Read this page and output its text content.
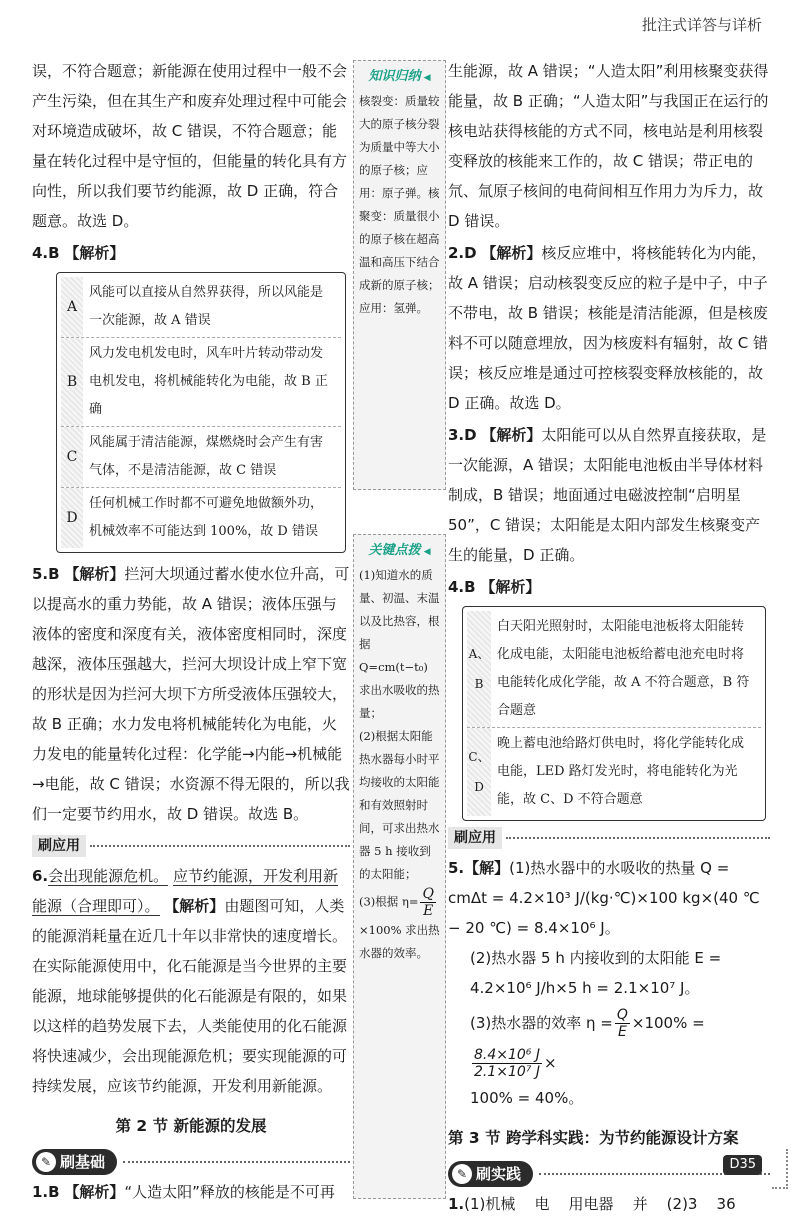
批注式详答与详析

误，不符合题意；新能源在使用过程中一般不会产生污染，但在其生产和废弃处理过程中可能会对环境造成破坏，故 C 错误，不符合题意；能量在转化过程中是守恒的，但能量的转化具有方向性，所以我们要节约能源，故 D 正确，符合题意。故选 D。

4.B 【解析】
A
风能可以直接从自然界获得，所以风能是一次能源，故 A 错误
B
风力发电机发电时，风车叶片转动带动发电机发电，将机械能转化为电能，故 B 正确
C
风能属于清洁能源，煤燃烧时会产生有害气体，不是清洁能源，故 C 错误
D
任何机械工作时都不可避免地做额外功，机械效率不可能达到 100%，故 D 错误
5.B 【解析】拦河大坝通过蓄水使水位升高，可以提高水的重力势能，故 A 错误；液体压强与液体的密度和深度有关，液体密度相同时，深度越深，液体压强越大，拦河大坝设计成上窄下宽的形状是因为拦河大坝下方所受液体压强较大，故 B 正确；水力发电将机械能转化为电能，火力发电的能量转化过程：化学能→内能→机械能→电能，故 C 错误；水资源不得无限的，所以我们一定要节约用水，故 D 错误。故选 B。
刷应用
6.会出现能源危机。 应节约能源，开发利用新能源（合理即可）。 【解析】由题图可知，人类的能源消耗量在近几十年以非常快的速度增长。在实际能源使用中，化石能源是当今世界的主要能源，地球能够提供的化石能源是有限的，如果以这样的趋势发展下去，人类能使用的化石能源将快速减少，会出现能源危机；要实现能源的可持续发展，应该节约能源，开发利用新能源。
第 2 节 新能源的发展
✎ 刷基础
1.B 【解析】“人造太阳”释放的核能是不可再
知识归纳 ◀
核裂变：质量较大的原子核分裂为质量中等大小的原子核；应用：原子弹。核聚变：质量很小的原子核在超高温和高压下结合成新的原子核；应用：氢弹。
关键点拨 ◀
(1)知道水的质量、初温、末温以及比热容，根据 Q=cm(t−t₀) 求出水吸收的热量；
(2)根据太阳能热水器每小时平均接收的太阳能和有效照射时间，可求出热水器 5 h 接收到的太阳能；
(3)根据 $\eta= \frac{Q}{E}$
×100% 求出热水器的效率。

生能源，故 A 错误；“人造太阳”利用核聚变获得能量，故 B 正确；“人造太阳”与我国正在运行的核电站获得核能的方式不同，核电站是利用核裂变释放的核能来工作的，故 C 错误；带正电的氘、氚原子核间的电荷间相互作用力为斥力，故 D 错误。

2.D 【解析】核反应堆中，将核能转化为内能，故 A 错误；启动核裂变反应的粒子是中子，中子不带电，故 B 错误；核能是清洁能源，但是核废料不可以随意埋放，因为核废料有辐射，故 C 错误；核反应堆是通过可控核裂变释放核能的，故 D 正确。故选 D。
3.D 【解析】太阳能可以从自然界直接获取，是一次能源，A 错误；太阳能电池板由半导体材料制成，B 错误；地面通过电磁波控制“启明星 50”，C 错误；太阳能是太阳内部发生核聚变产生的能量，D 正确。
4.B 【解析】
A、B
白天阳光照射时，太阳能电池板将太阳能转化成电能，太阳能电池板给蓄电池充电时将电能转化成化学能，故 A 不符合题意，B 符合题意
C、D
晚上蓄电池给路灯供电时，将化学能转化成电能，LED 路灯发光时，将电能转化为光能，故 C、D 不符合题意
刷应用
5.【解】(1)热水器中的水吸收的热量 Q = cmΔt = 4.2×10³ J/(kg·℃)×100 kg×(40 ℃ − 20 ℃) = 8.4×10⁶ J。
(2)热水器 5 h 内接收到的太阳能 E = 4.2×10⁶ J/h×5 h = 2.1×10⁷ J。
(3)热水器的效率 $\eta = \frac{Q}{E} \times 100\%$ =
$\frac{\text{8.4×10⁶ J}}{\text{2.1×10⁷ J}}$ ×
100% = 40%。
第 3 节 跨学科实践：为节约能源设计方案
✎ 刷实践
1.(1)机械    电    用电器    并    (2)3    36
D35
